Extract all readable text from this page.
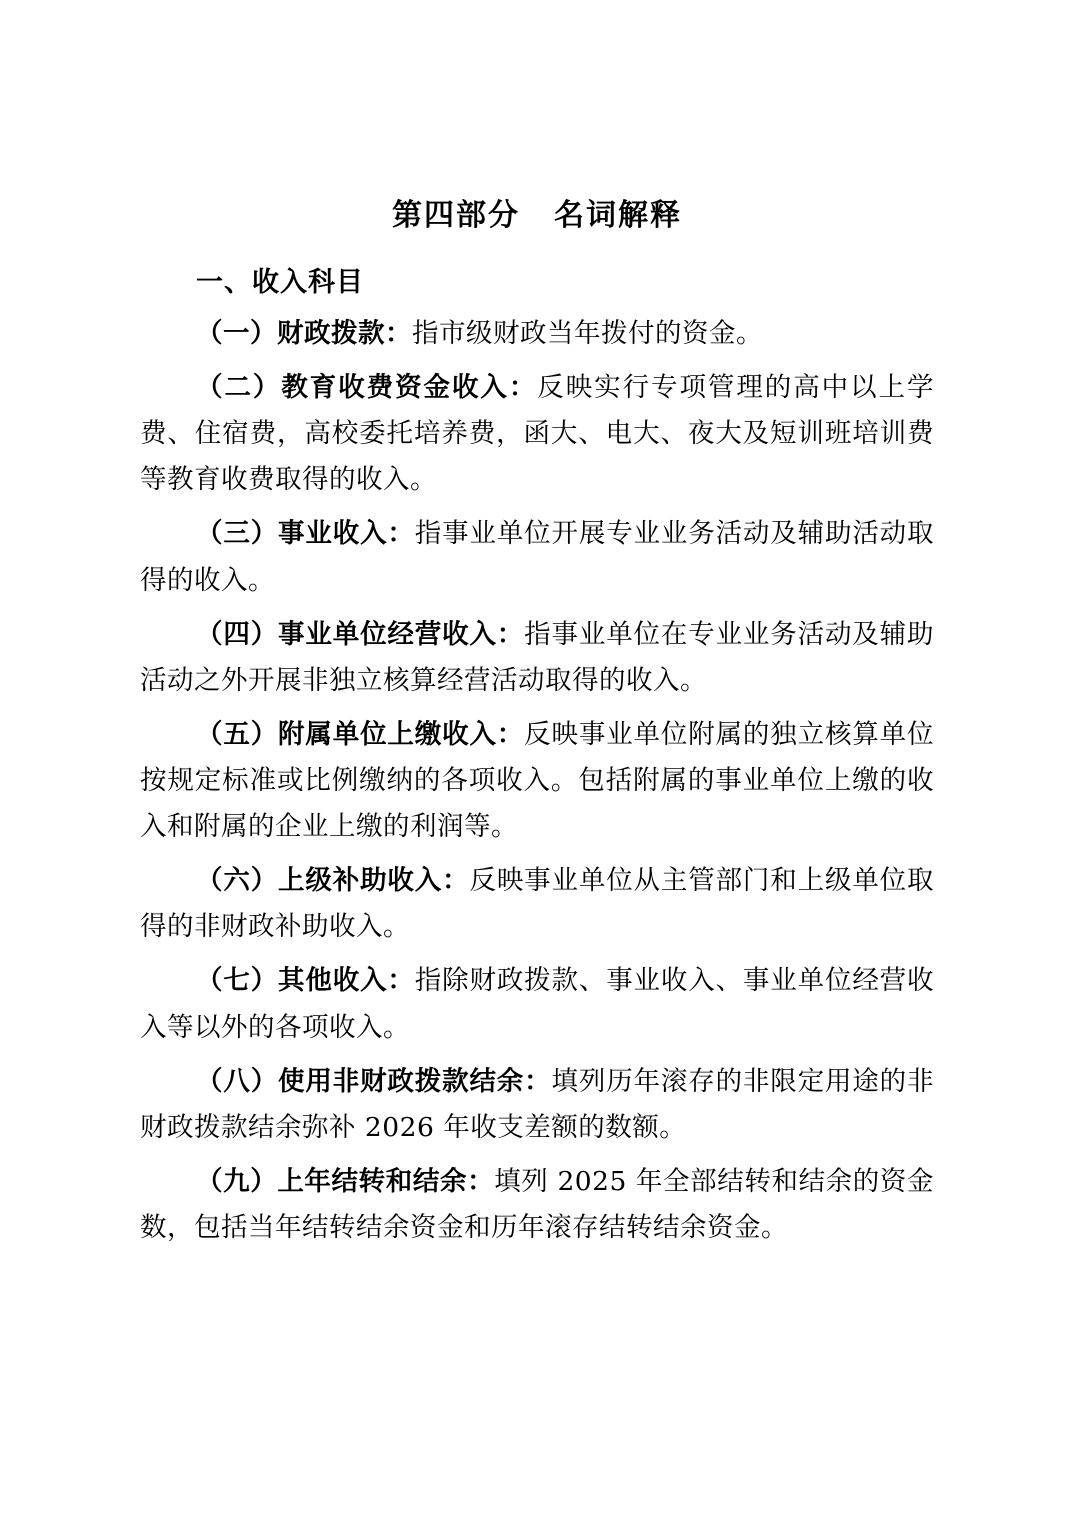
第四部分 名词解释
一、收入科目

（一）财政拨款：指市级财政当年拨付的资金。

（二）教育收费资金收入：反映实行专项管理的高中以上学费、住宿费，高校委托培养费，函大、电大、夜大及短训班培训费等教育收费取得的收入。

（三）事业收入：指事业单位开展专业业务活动及辅助活动取得的收入。

（四）事业单位经营收入：指事业单位在专业业务活动及辅助活动之外开展非独立核算经营活动取得的收入。

（五）附属单位上缴收入：反映事业单位附属的独立核算单位按规定标准或比例缴纳的各项收入。包括附属的事业单位上缴的收入和附属的企业上缴的利润等。

（六）上级补助收入：反映事业单位从主管部门和上级单位取得的非财政补助收入。

（七）其他收入：指除财政拨款、事业收入、事业单位经营收入等以外的各项收入。

（八）使用非财政拨款结余：填列历年滚存的非限定用途的非财政拨款结余弥补 2026 年收支差额的数额。

（九）上年结转和结余：填列 2025 年全部结转和结余的资金数，包括当年结转结余资金和历年滚存结转结余资金。
